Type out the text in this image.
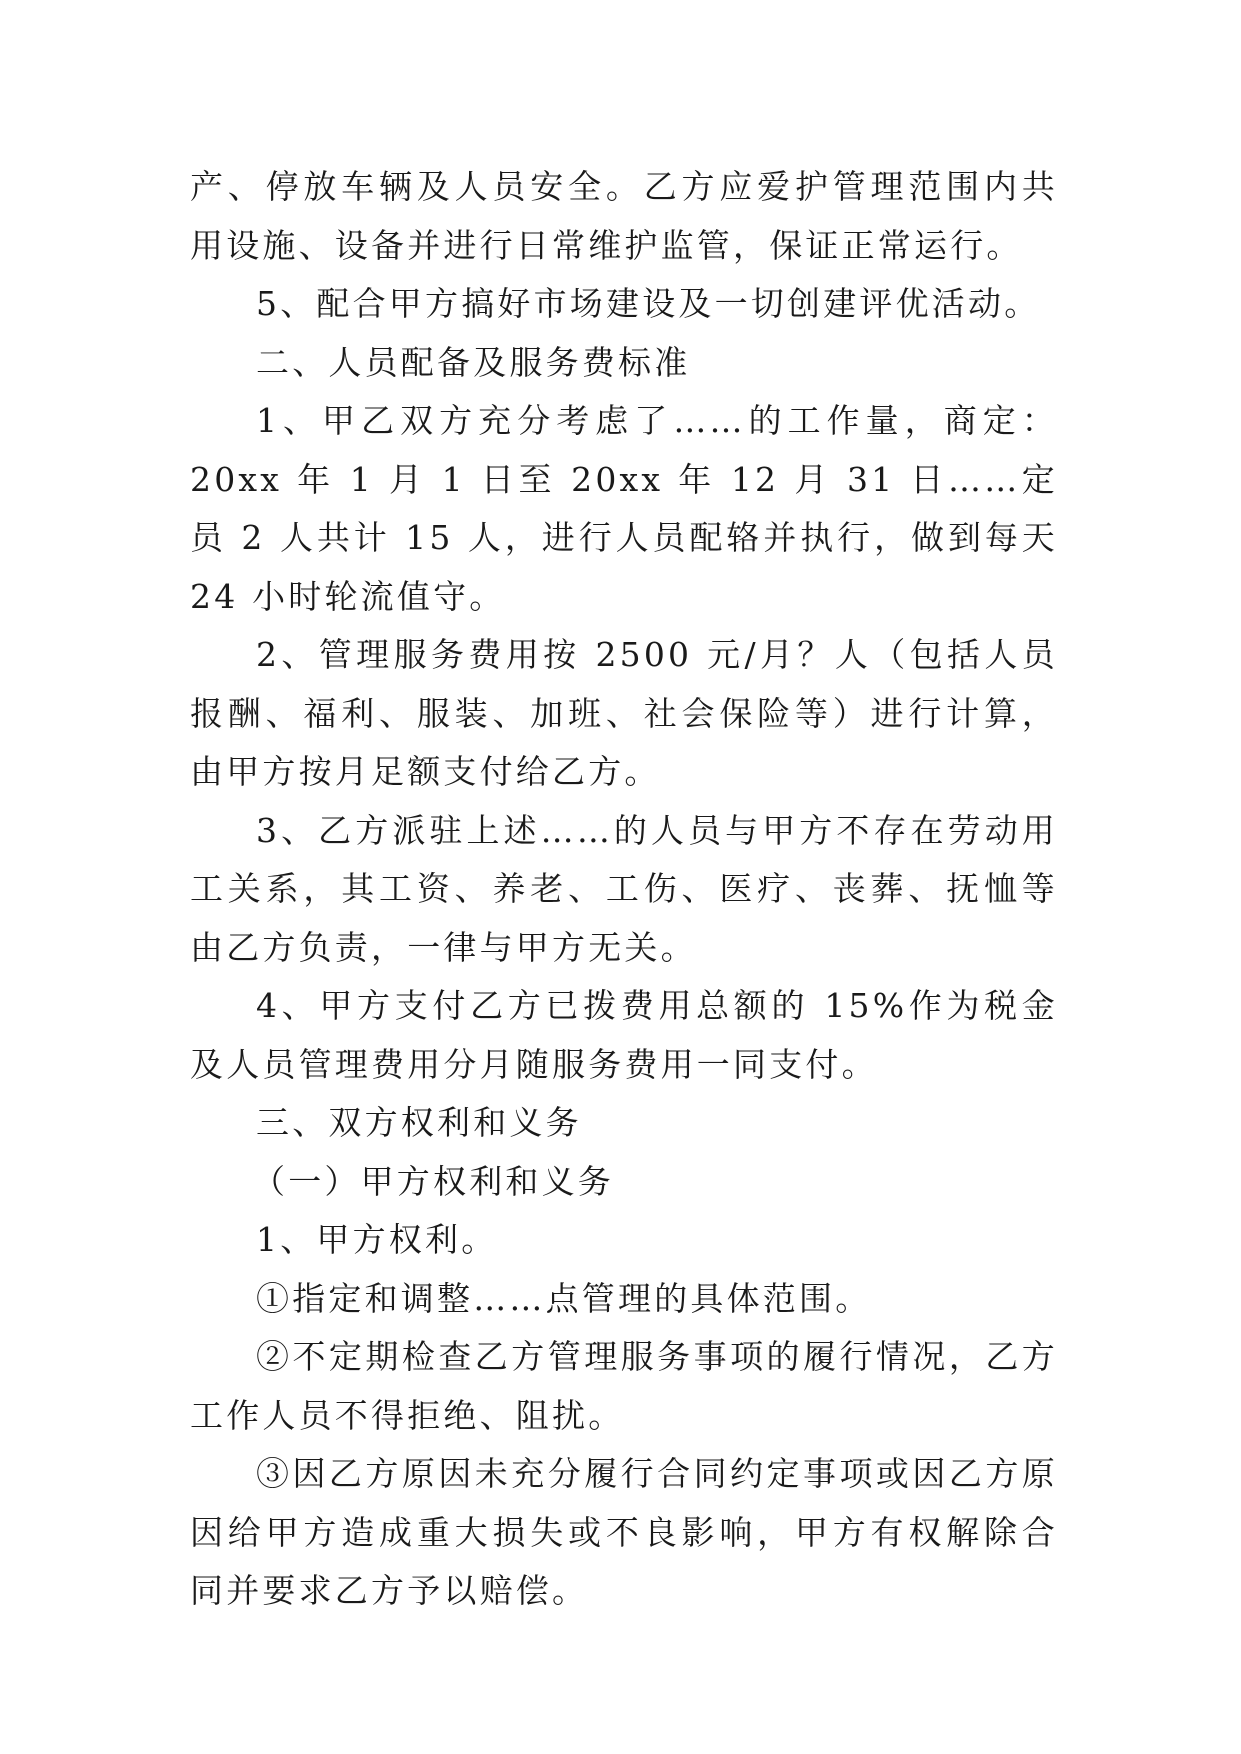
产、停放车辆及人员安全。乙方应爱护管理范围内共用设施、设备并进行日常维护监管，保证正常运行。

5、配合甲方搞好市场建设及一切创建评优活动。

二、人员配备及服务费标准

1、甲乙双方充分考虑了……的工作量，商定：20xx 年 1 月 1 日至 20xx 年 12 月 31 日……定员 2 人共计 15 人，进行人员配辂并执行，做到每天 24 小时轮流值守。

2、管理服务费用按 2500 元/月？人（包括人员报酬、福利、服装、加班、社会保险等）进行计算，由甲方按月足额支付给乙方。

3、乙方派驻上述……的人员与甲方不存在劳动用工关系，其工资、养老、工伤、医疗、丧葬、抚恤等由乙方负责，一律与甲方无关。

4、甲方支付乙方已拨费用总额的 15%作为税金及人员管理费用分月随服务费用一同支付。

三、双方权利和义务

（一）甲方权利和义务

1、甲方权利。

①指定和调整……点管理的具体范围。

②不定期检查乙方管理服务事项的履行情况，乙方工作人员不得拒绝、阻扰。

③因乙方原因未充分履行合同约定事项或因乙方原因给甲方造成重大损失或不良影响，甲方有权解除合同并要求乙方予以赔偿。
